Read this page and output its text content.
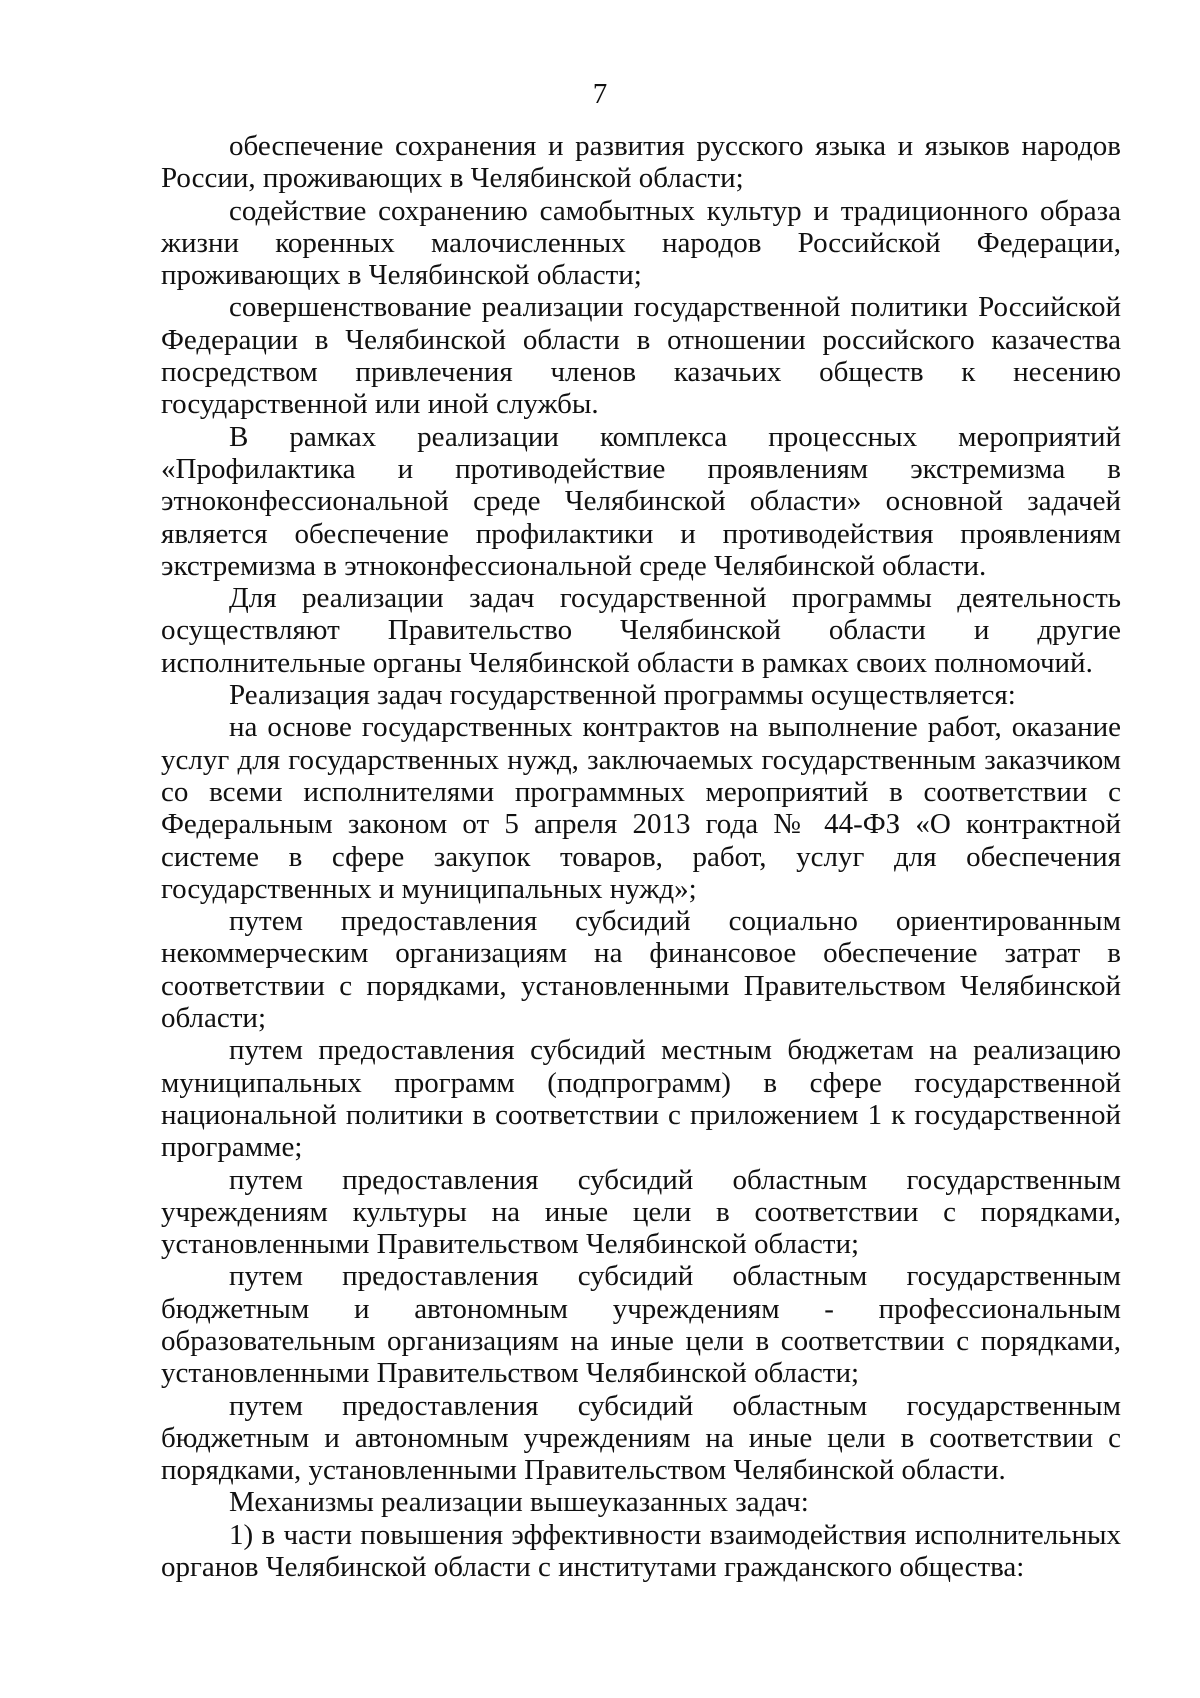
7

обеспечение сохранения и развития русского языка и языков народов России, проживающих в Челябинской области;

содействие сохранению самобытных культур и традиционного образа жизни коренных малочисленных народов Российской Федерации, проживающих в Челябинской области;

совершенствование реализации государственной политики Российской Федерации в Челябинской области в отношении российского казачества посредством привлечения членов казачьих обществ к несению государственной или иной службы.

В рамках реализации комплекса процессных мероприятий «Профилактика и противодействие проявлениям экстремизма в этноконфессиональной среде Челябинской области» основной задачей является обеспечение профилактики и противодействия проявлениям экстремизма в этноконфессиональной среде Челябинской области.

Для реализации задач государственной программы деятельность осуществляют Правительство Челябинской области и другие исполнительные органы Челябинской области в рамках своих полномочий.

Реализация задач государственной программы осуществляется:

на основе государственных контрактов на выполнение работ, оказание услуг для государственных нужд, заключаемых государственным заказчиком со всеми исполнителями программных мероприятий в соответствии с Федеральным законом от 5 апреля 2013 года № 44-ФЗ «О контрактной системе в сфере закупок товаров, работ, услуг для обеспечения государственных и муниципальных нужд»;

путем предоставления субсидий социально ориентированным некоммерческим организациям на финансовое обеспечение затрат в соответствии с порядками, установленными Правительством Челябинской области;

путем предоставления субсидий местным бюджетам на реализацию муниципальных программ (подпрограмм) в сфере государственной национальной политики в соответствии с приложением 1 к государственной программе;

путем предоставления субсидий областным государственным учреждениям культуры на иные цели в соответствии с порядками, установленными Правительством Челябинской области;

путем предоставления субсидий областным государственным бюджетным и автономным учреждениям - профессиональным образовательным организациям на иные цели в соответствии с порядками, установленными Правительством Челябинской области;

путем предоставления субсидий областным государственным бюджетным и автономным учреждениям на иные цели в соответствии с порядками, установленными Правительством Челябинской области.

Механизмы реализации вышеуказанных задач:

1) в части повышения эффективности взаимодействия исполнительных органов Челябинской области с институтами гражданского общества:
